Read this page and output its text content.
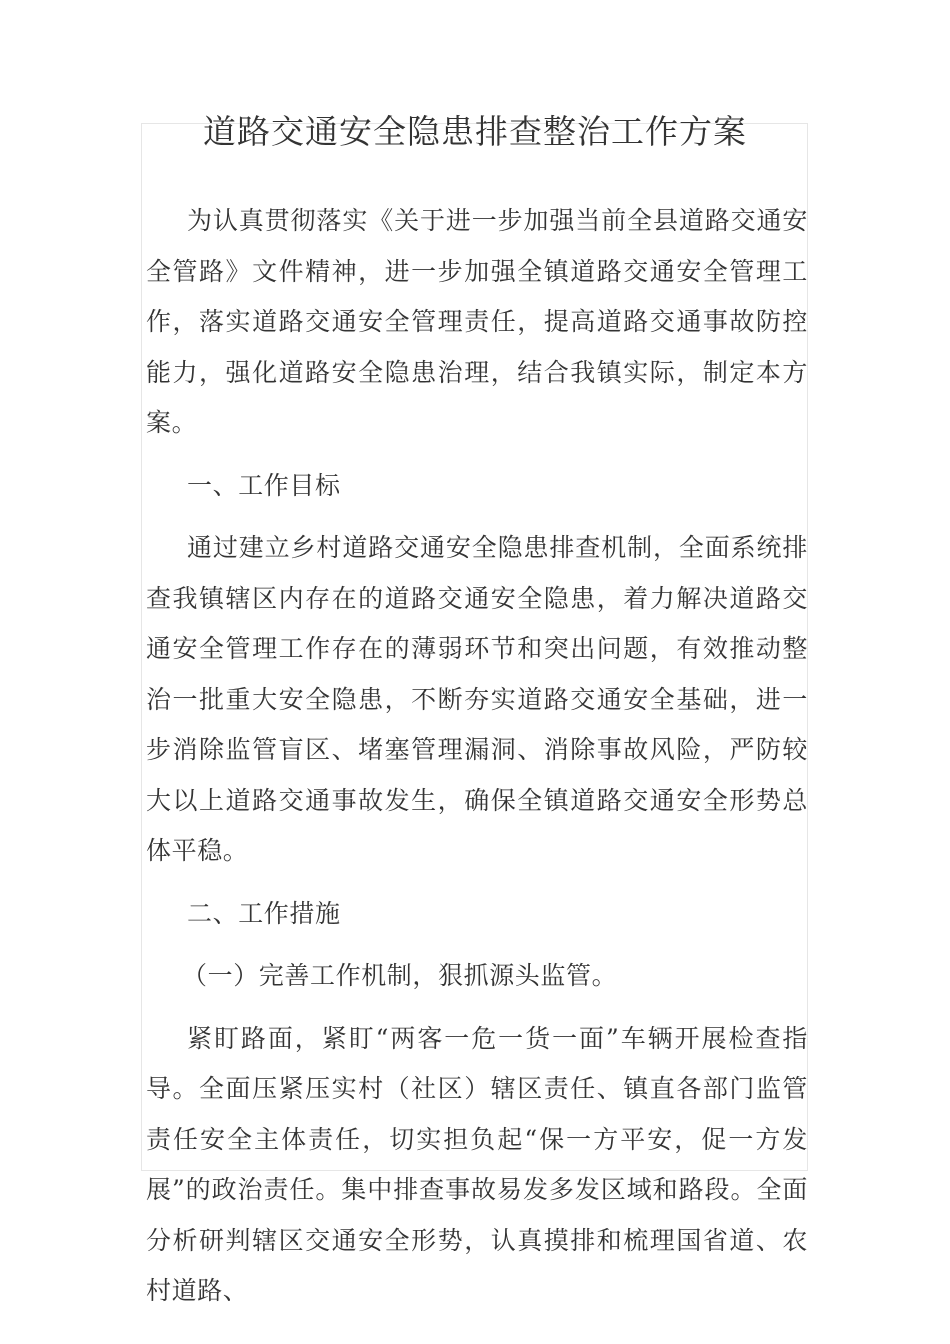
道路交通安全隐患排查整治工作方案

为认真贯彻落实《关于进一步加强当前全县道路交通安全管路》文件精神，进一步加强全镇道路交通安全管理工作，落实道路交通安全管理责任，提高道路交通事故防控能力，强化道路安全隐患治理，结合我镇实际，制定本方案。

一、工作目标

通过建立乡村道路交通安全隐患排查机制，全面系统排查我镇辖区内存在的道路交通安全隐患，着力解决道路交通安全管理工作存在的薄弱环节和突出问题，有效推动整治一批重大安全隐患，不断夯实道路交通安全基础，进一步消除监管盲区、堵塞管理漏洞、消除事故风险，严防较大以上道路交通事故发生，确保全镇道路交通安全形势总体平稳。

二、工作措施

（一）完善工作机制，狠抓源头监管。

紧盯路面，紧盯“两客一危一货一面”车辆开展检查指导。全面压紧压实村（社区）辖区责任、镇直各部门监管责任安全主体责任，切实担负起“保一方平安，促一方发展”的政治责任。集中排查事故易发多发区域和路段。全面分析研判辖区交通安全形势，认真摸排和梳理国省道、农村道路、
